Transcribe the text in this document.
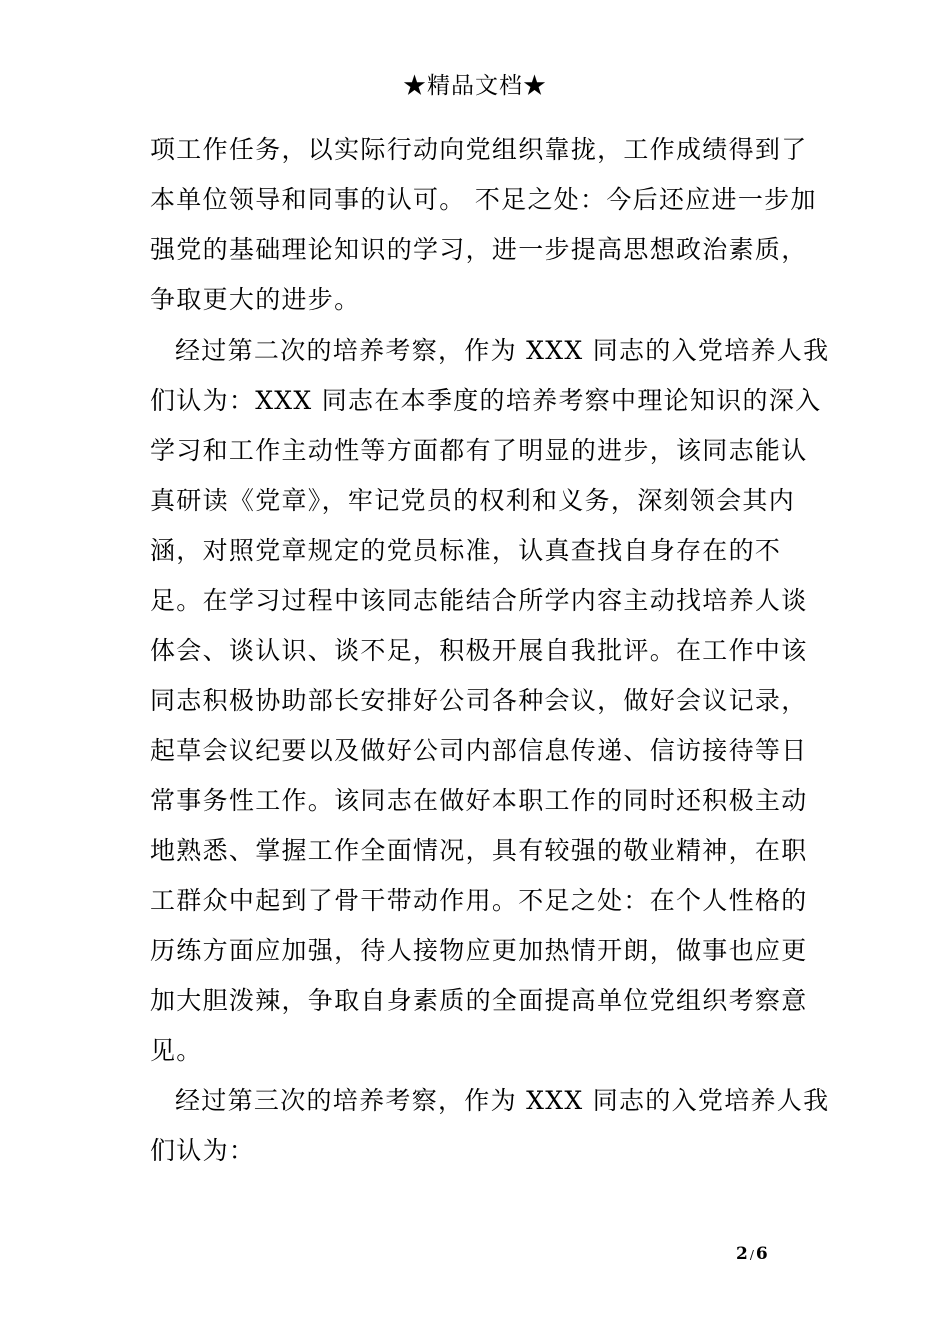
★精品文档★
项工作任务，以实际行动向党组织靠拢，工作成绩得到了
本单位领导和同事的认可。 不足之处：今后还应进一步加
强党的基础理论知识的学习，进一步提高思想政治素质，
争取更大的进步。
经过第二次的培养考察，作为 XXX 同志的入党培养人我
们认为：XXX 同志在本季度的培养考察中理论知识的深入
学习和工作主动性等方面都有了明显的进步，该同志能认
真研读《党章》，牢记党员的权利和义务，深刻领会其内
涵，对照党章规定的党员标准，认真查找自身存在的不
足。在学习过程中该同志能结合所学内容主动找培养人谈
体会、谈认识、谈不足，积极开展自我批评。在工作中该
同志积极协助部长安排好公司各种会议，做好会议记录，
起草会议纪要以及做好公司内部信息传递、信访接待等日
常事务性工作。该同志在做好本职工作的同时还积极主动
地熟悉、掌握工作全面情况，具有较强的敬业精神，在职
工群众中起到了骨干带动作用。不足之处：在个人性格的
历练方面应加强，待人接物应更加热情开朗，做事也应更
加大胆泼辣，争取自身素质的全面提高单位党组织考察意
见。
经过第三次的培养考察，作为 XXX 同志的入党培养人我
们认为：
2 / 6
